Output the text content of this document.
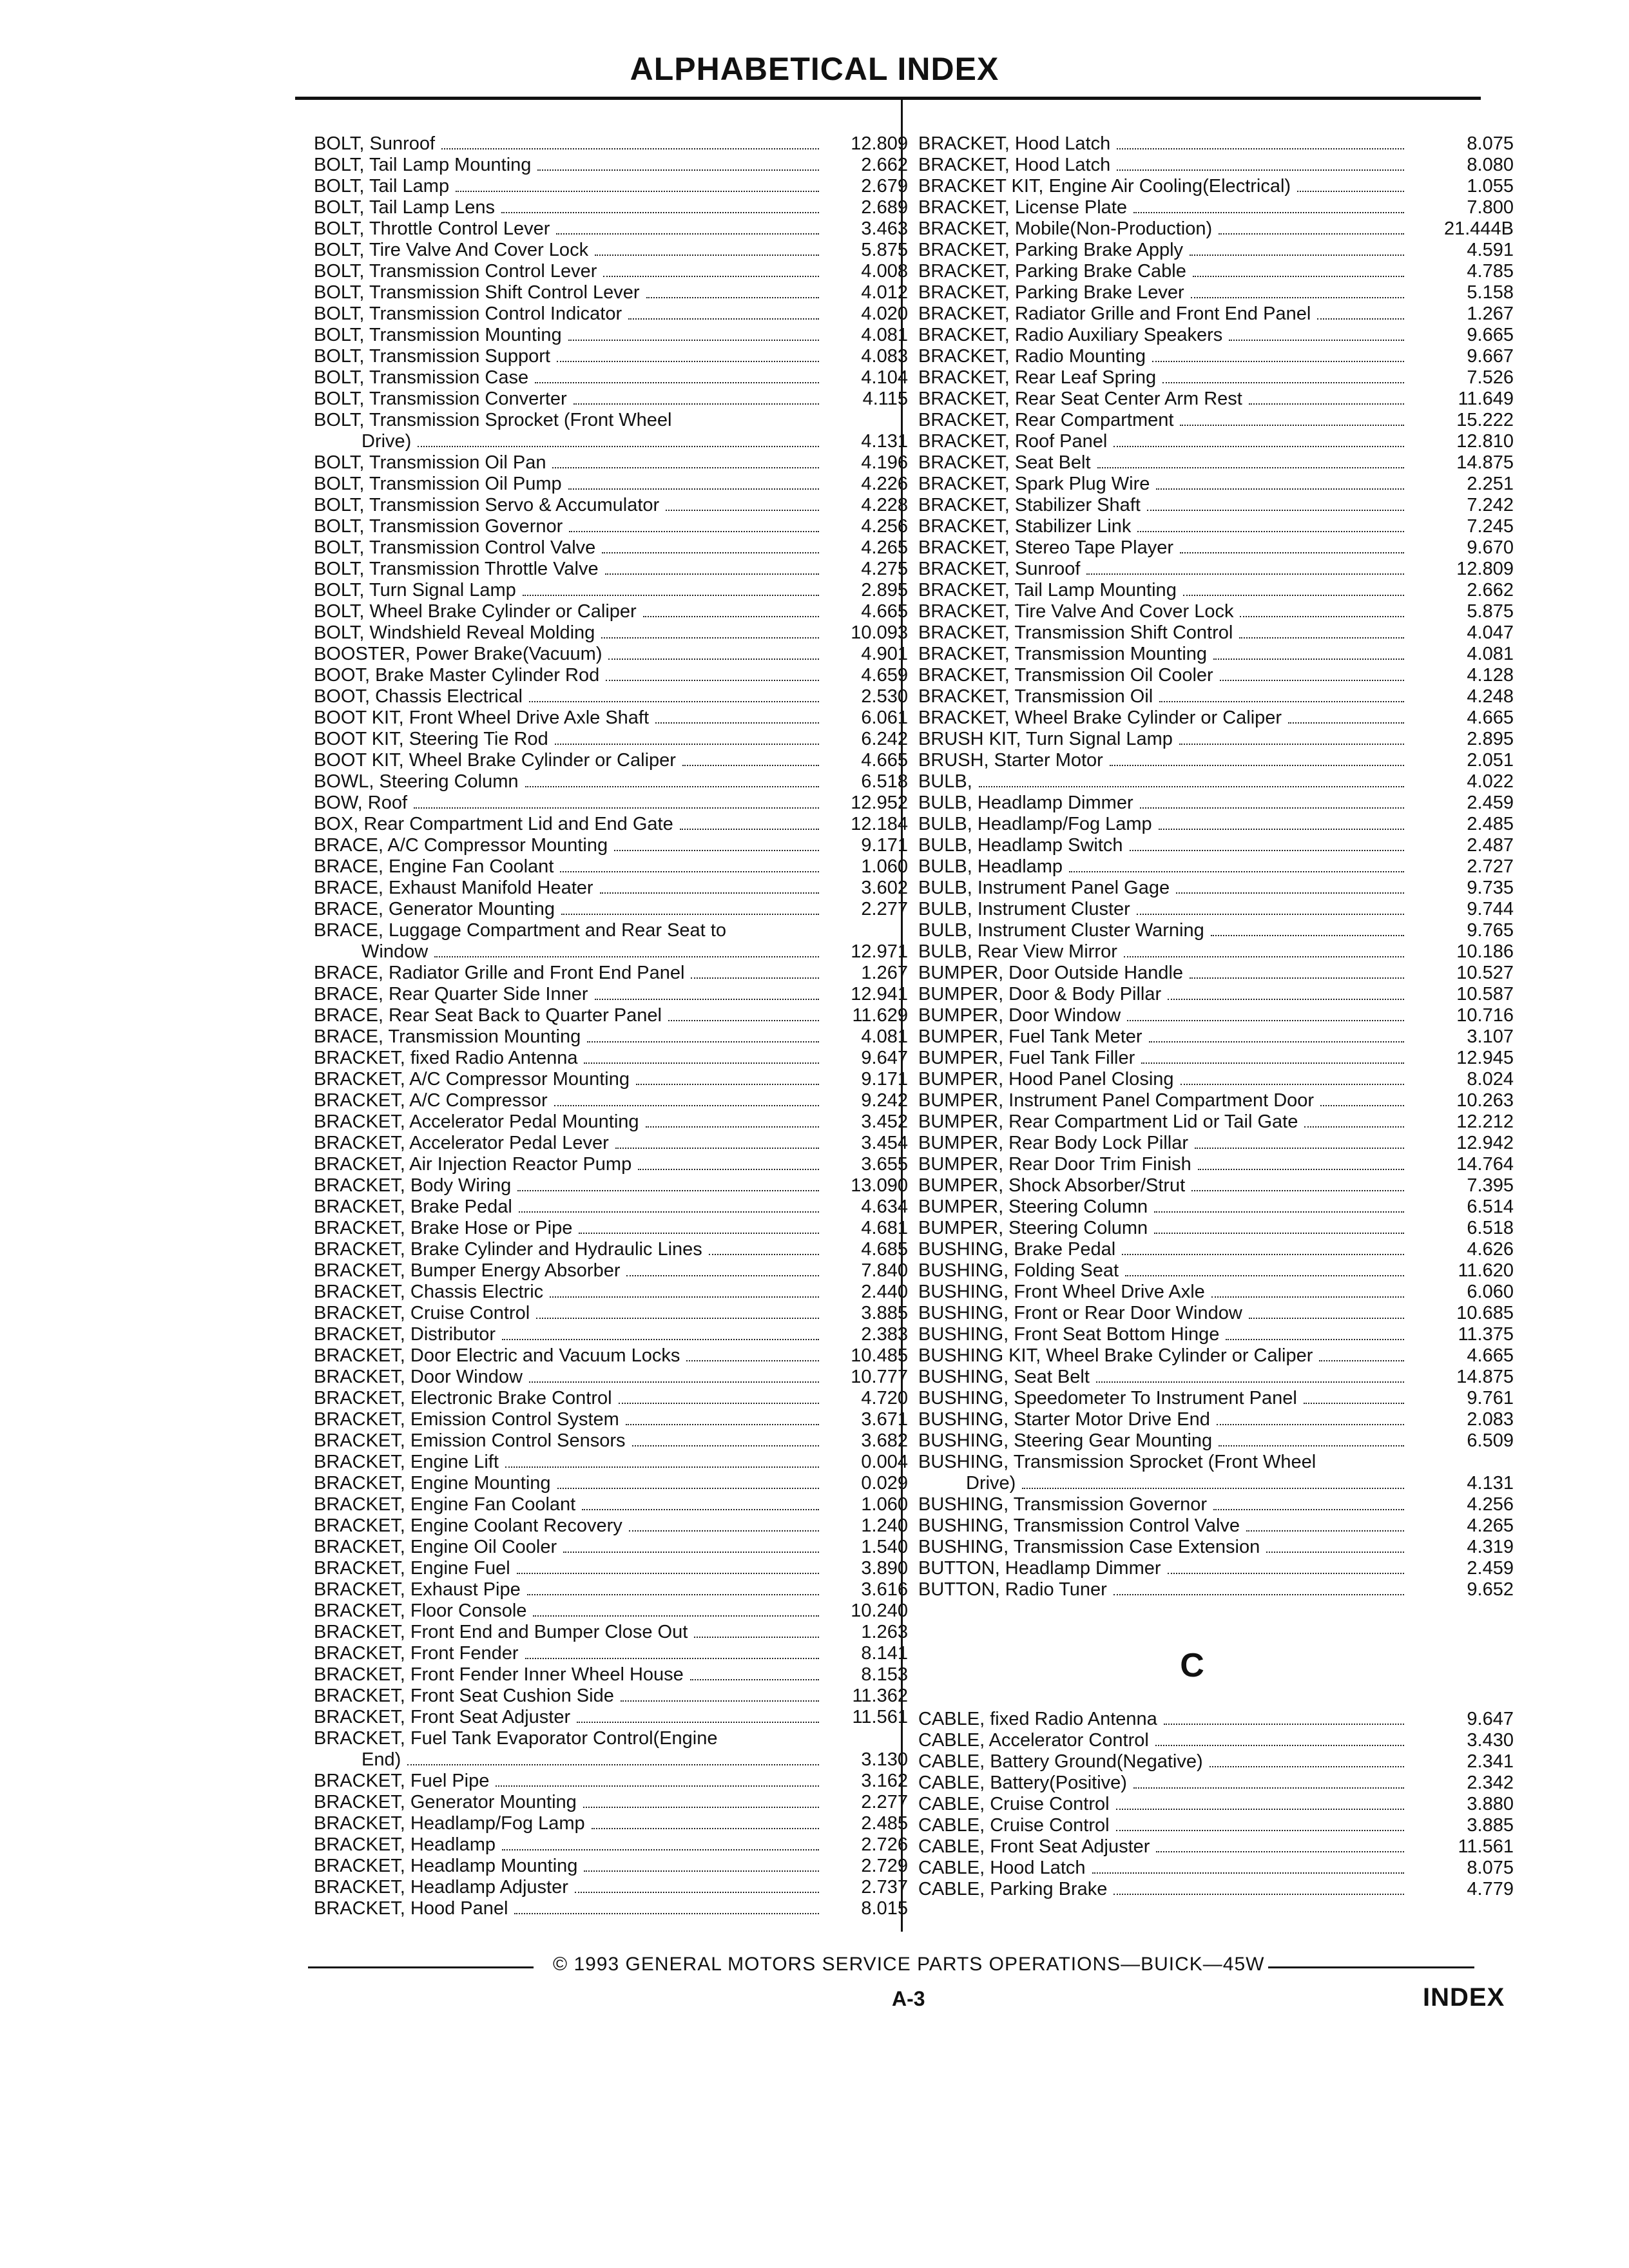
ALPHABETICAL INDEX
BOLT, Sunroof	12.809
BOLT, Tail Lamp Mounting	2.662
BOLT, Tail Lamp	2.679
BOLT, Tail Lamp Lens	2.689
BOLT, Throttle Control Lever	3.463
BOLT, Tire Valve And Cover Lock	5.875
BOLT, Transmission Control Lever	4.008
BOLT, Transmission Shift Control Lever	4.012
BOLT, Transmission Control Indicator	4.020
BOLT, Transmission Mounting	4.081
BOLT, Transmission Support	4.083
BOLT, Transmission Case	4.104
BOLT, Transmission Converter	4.115
BOLT, Transmission Sprocket (Front Wheel
Drive)	4.131
BOLT, Transmission Oil Pan	4.196
BOLT, Transmission Oil Pump	4.226
BOLT, Transmission Servo & Accumulator	4.228
BOLT, Transmission Governor	4.256
BOLT, Transmission Control Valve	4.265
BOLT, Transmission Throttle Valve	4.275
BOLT, Turn Signal Lamp	2.895
BOLT, Wheel Brake Cylinder or Caliper	4.665
BOLT, Windshield Reveal Molding	10.093
BOOSTER, Power Brake(Vacuum)	4.901
BOOT, Brake Master Cylinder Rod	4.659
BOOT, Chassis Electrical	2.530
BOOT KIT, Front Wheel Drive Axle Shaft	6.061
BOOT KIT, Steering Tie Rod	6.242
BOOT KIT, Wheel Brake Cylinder or Caliper	4.665
BOWL, Steering Column	6.518
BOW, Roof	12.952
BOX, Rear Compartment Lid and End Gate	12.184
BRACE, A/C Compressor Mounting	9.171
BRACE, Engine Fan Coolant	1.060
BRACE, Exhaust Manifold Heater	3.602
BRACE, Generator Mounting	2.277
BRACE, Luggage Compartment and Rear Seat to
Window	12.971
BRACE, Radiator Grille and Front End Panel	1.267
BRACE, Rear Quarter Side Inner	12.941
BRACE, Rear Seat Back to Quarter Panel	11.629
BRACE, Transmission Mounting	4.081
BRACKET, fixed Radio Antenna	9.647
BRACKET, A/C Compressor Mounting	9.171
BRACKET, A/C Compressor	9.242
BRACKET, Accelerator Pedal Mounting	3.452
BRACKET, Accelerator Pedal Lever	3.454
BRACKET, Air Injection Reactor Pump	3.655
BRACKET, Body Wiring	13.090
BRACKET, Brake Pedal	4.634
BRACKET, Brake Hose or Pipe	4.681
BRACKET, Brake Cylinder and Hydraulic Lines	4.685
BRACKET, Bumper Energy Absorber	7.840
BRACKET, Chassis Electric	2.440
BRACKET, Cruise Control	3.885
BRACKET, Distributor	2.383
BRACKET, Door Electric and Vacuum Locks	10.485
BRACKET, Door Window	10.777
BRACKET, Electronic Brake Control	4.720
BRACKET, Emission Control System	3.671
BRACKET, Emission Control Sensors	3.682
BRACKET, Engine Lift	0.004
BRACKET, Engine Mounting	0.029
BRACKET, Engine Fan Coolant	1.060
BRACKET, Engine Coolant Recovery	1.240
BRACKET, Engine Oil Cooler	1.540
BRACKET, Engine Fuel	3.890
BRACKET, Exhaust Pipe	3.616
BRACKET, Floor Console	10.240
BRACKET, Front End and Bumper Close Out	1.263
BRACKET, Front Fender	8.141
BRACKET, Front Fender Inner Wheel House	8.153
BRACKET, Front Seat Cushion Side	11.362
BRACKET, Front Seat Adjuster	11.561
BRACKET, Fuel Tank Evaporator Control(Engine
End)	3.130
BRACKET, Fuel Pipe	3.162
BRACKET, Generator Mounting	2.277
BRACKET, Headlamp/Fog Lamp	2.485
BRACKET, Headlamp	2.726
BRACKET, Headlamp Mounting	2.729
BRACKET, Headlamp Adjuster	2.737
BRACKET, Hood Panel	8.015
BRACKET, Hood Latch	8.075
BRACKET, Hood Latch	8.080
BRACKET KIT, Engine Air Cooling(Electrical)	1.055
BRACKET, License Plate	7.800
BRACKET, Mobile(Non-Production)	21.444B
BRACKET, Parking Brake Apply	4.591
BRACKET, Parking Brake Cable	4.785
BRACKET, Parking Brake Lever	5.158
BRACKET, Radiator Grille and Front End Panel	1.267
BRACKET, Radio Auxiliary Speakers	9.665
BRACKET, Radio Mounting	9.667
BRACKET, Rear Leaf Spring	7.526
BRACKET, Rear Seat Center Arm Rest	11.649
BRACKET, Rear Compartment	15.222
BRACKET, Roof Panel	12.810
BRACKET, Seat Belt	14.875
BRACKET, Spark Plug Wire	2.251
BRACKET, Stabilizer Shaft	7.242
BRACKET, Stabilizer Link	7.245
BRACKET, Stereo Tape Player	9.670
BRACKET, Sunroof	12.809
BRACKET, Tail Lamp Mounting	2.662
BRACKET, Tire Valve And Cover Lock	5.875
BRACKET, Transmission Shift Control	4.047
BRACKET, Transmission Mounting	4.081
BRACKET, Transmission Oil Cooler	4.128
BRACKET, Transmission Oil	4.248
BRACKET, Wheel Brake Cylinder or Caliper	4.665
BRUSH KIT, Turn Signal Lamp	2.895
BRUSH, Starter Motor	2.051
BULB,	4.022
BULB, Headlamp Dimmer	2.459
BULB, Headlamp/Fog Lamp	2.485
BULB, Headlamp Switch	2.487
BULB, Headlamp	2.727
BULB, Instrument Panel Gage	9.735
BULB, Instrument Cluster	9.744
BULB, Instrument Cluster Warning	9.765
BULB, Rear View Mirror	10.186
BUMPER, Door Outside Handle	10.527
BUMPER, Door & Body Pillar	10.587
BUMPER, Door Window	10.716
BUMPER, Fuel Tank Meter	3.107
BUMPER, Fuel Tank Filler	12.945
BUMPER, Hood Panel Closing	8.024
BUMPER, Instrument Panel Compartment Door	10.263
BUMPER, Rear Compartment Lid or Tail Gate	12.212
BUMPER, Rear Body Lock Pillar	12.942
BUMPER, Rear Door Trim Finish	14.764
BUMPER, Shock Absorber/Strut	7.395
BUMPER, Steering Column	6.514
BUMPER, Steering Column	6.518
BUSHING, Brake Pedal	4.626
BUSHING, Folding Seat	11.620
BUSHING, Front Wheel Drive Axle	6.060
BUSHING, Front or Rear Door Window	10.685
BUSHING, Front Seat Bottom Hinge	11.375
BUSHING KIT, Wheel Brake Cylinder or Caliper	4.665
BUSHING, Seat Belt	14.875
BUSHING, Speedometer To Instrument Panel	9.761
BUSHING, Starter Motor Drive End	2.083
BUSHING, Steering Gear Mounting	6.509
BUSHING, Transmission Sprocket (Front Wheel
Drive)	4.131
BUSHING, Transmission Governor	4.256
BUSHING, Transmission Control Valve	4.265
BUSHING, Transmission Case Extension	4.319
BUTTON, Headlamp Dimmer	2.459
BUTTON, Radio Tuner	9.652
C
CABLE, fixed Radio Antenna	9.647
CABLE, Accelerator Control	3.430
CABLE, Battery Ground(Negative)	2.341
CABLE, Battery(Positive)	2.342
CABLE, Cruise Control	3.880
CABLE, Cruise Control	3.885
CABLE, Front Seat Adjuster	11.561
CABLE, Hood Latch	8.075
CABLE, Parking Brake	4.779
© 1993 GENERAL MOTORS SERVICE PARTS OPERATIONS—BUICK—45W
A-3	INDEX
